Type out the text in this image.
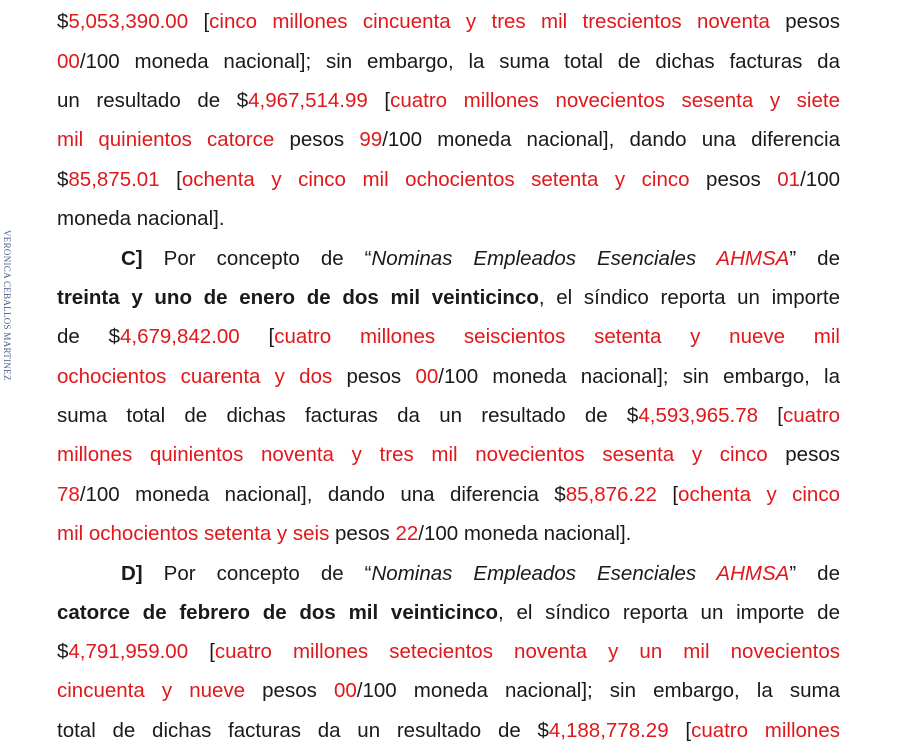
VERONICA CEBALLOS MARTINEZ
$5,053,390.00 [cinco millones cincuenta y tres mil trescientos noventa pesos
00/100 moneda nacional]; sin embargo, la suma total de dichas facturas da
un resultado de $4,967,514.99 [cuatro millones novecientos sesenta y siete
mil quinientos catorce pesos 99/100 moneda nacional], dando una diferencia
$85,875.01 [ochenta y cinco mil ochocientos setenta y cinco pesos 01/100
moneda nacional].
C] Por concepto de “Nominas Empleados Esenciales AHMSA” de
treinta y uno de enero de dos mil veinticinco, el síndico reporta un importe
de $4,679,842.00 [cuatro millones seiscientos setenta y nueve mil
ochocientos cuarenta y dos pesos 00/100 moneda nacional]; sin embargo, la
suma total de dichas facturas da un resultado de $4,593,965.78 [cuatro
millones quinientos noventa y tres mil novecientos sesenta y cinco pesos
78/100 moneda nacional], dando una diferencia $85,876.22 [ochenta y cinco
mil ochocientos setenta y seis pesos 22/100 moneda nacional].
D] Por concepto de “Nominas Empleados Esenciales AHMSA” de
catorce de febrero de dos mil veinticinco, el síndico reporta un importe de
$4,791,959.00 [cuatro millones setecientos noventa y un mil novecientos
cincuenta y nueve pesos 00/100 moneda nacional]; sin embargo, la suma
total de dichas facturas da un resultado de $4,188,778.29 [cuatro millones
